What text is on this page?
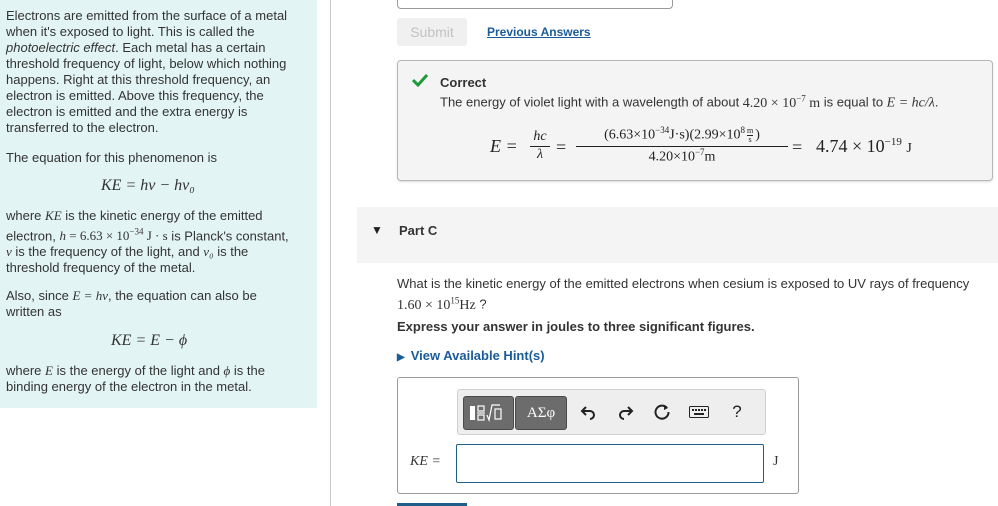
Electrons are emitted from the surface of a metal when it's exposed to light. This is called the photoelectric effect. Each metal has a certain threshold frequency of light, below which nothing happens. Right at this threshold frequency, an electron is emitted. Above this frequency, the electron is emitted and the extra energy is transferred to the electron.

The equation for this phenomenon is

KE = hν − hν₀

where KE is the kinetic energy of the emitted electron, $h = 6.63 \times 10^{-34}$ J · s is Planck's constant, ν is the frequency of the light, and ν₀ is the threshold frequency of the metal.

Also, since E = hν, the equation can also be written as

KE = E − ϕ

where E is the energy of the light and ϕ is the binding energy of the electron in the metal.

Submit	Previous Answers
Correct
The energy of violet light with a wavelength of about $4.20 \times 10^{-7}$ m is equal to E = hc/λ.
E = hc
λ =
$(6.63\times 10^{-34}J\cdot s)(2.99\times 10^8 \frac{m}{s}$ )
$4.20\times 10^{-7}m$
= $4.74 \times 10^{-19}$ J
▼ Part C
What is the kinetic energy of the emitted electrons when cesium is exposed to UV rays of frequency $1.60 \times 10^{15}Hz$ ?
Express your answer in joules to three significant figures.
▶ View Available Hint(s)
ΑΣφ	?
KE =	J
